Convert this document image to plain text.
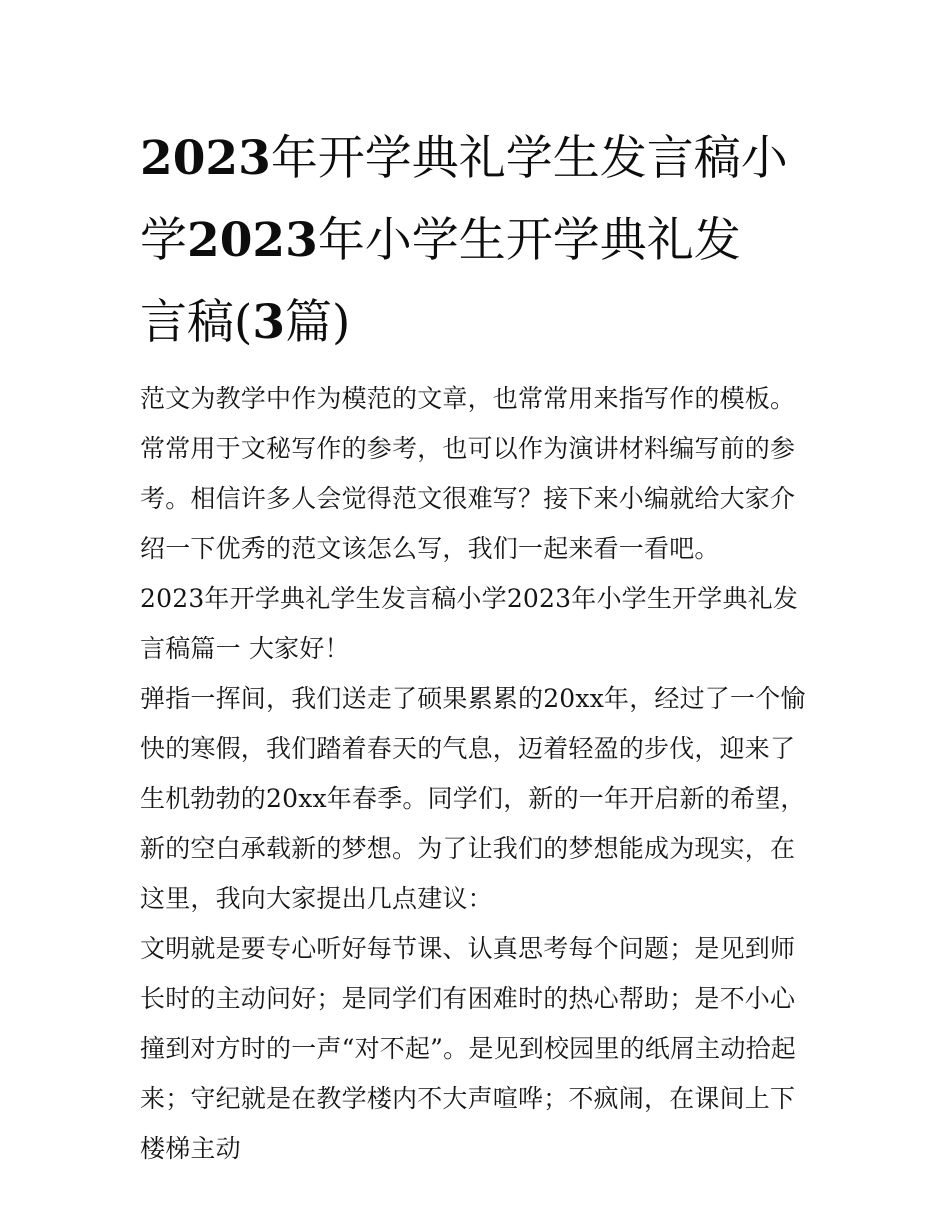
2023年开学典礼学生发言稿小
学2023年小学生开学典礼发
言稿(3篇)

范文为教学中作为模范的文章，也常常用来指写作的模板。常常用于文秘写作的参考，也可以作为演讲材料编写前的参考。相信许多人会觉得范文很难写？接下来小编就给大家介绍一下优秀的范文该怎么写，我们一起来看一看吧。

2023年开学典礼学生发言稿小学2023年小学生开学典礼发言稿篇一 大家好！

弹指一挥间，我们送走了硕果累累的20xx年，经过了一个愉快的寒假，我们踏着春天的气息，迈着轻盈的步伐，迎来了生机勃勃的20xx年春季。同学们，新的一年开启新的希望，新的空白承载新的梦想。为了让我们的梦想能成为现实，在这里，我向大家提出几点建议：

文明就是要专心听好每节课、认真思考每个问题；是见到师长时的主动问好；是同学们有困难时的热心帮助；是不小心撞到对方时的一声“对不起”。是见到校园里的纸屑主动拾起来；守纪就是在教学楼内不大声喧哗；不疯闹，在课间上下楼梯主动
